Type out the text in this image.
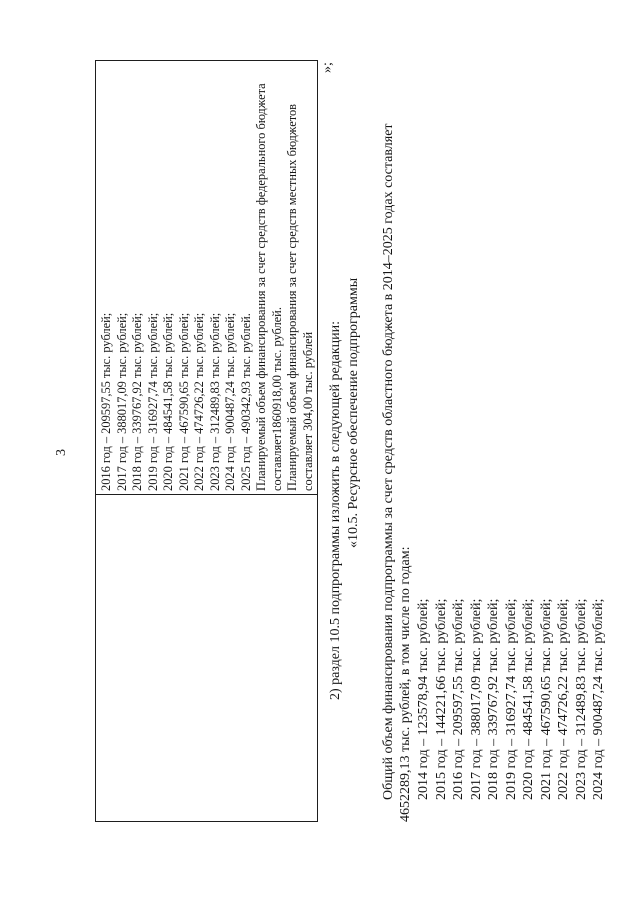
3 2016 год – 209597,55 тыс. рублей; 2017 год – 388017,09 тыс. рублей; 2018 год – 339767,92 тыс. рублей; 2019 год – 316927,74 тыс. рублей; 2020 год – 484541,58 тыс. рублей; 2021 год – 467590,65 тыс. рублей; 2022 год – 474726,22 тыс. рублей; 2023 год – 312489,83 тыс. рублей; 2024 год – 900487,24 тыс. рублей; 2025 год – 490342,93 тыс. рублей. Планируемый объем финансирования за счет средств федерального бюджета составляет1860918,00 тыс. рублей. Планируемый объем финансирования за счет средств местных бюджетов составляет 304,00 тыс. рублей
»;
2) раздел 10.5 подпрограммы изложить в следующей редакции: «10.5. Ресурсное обеспечение подпрограммы Общий объем финансирования подпрограммы за счет средств областного бюджета в 2014–2025 годах составляет 4652289,13 тыс. рублей, в том числе по годам: 2014 год – 123578,94 тыс. рублей; 2015 год – 144221,66 тыс. рублей; 2016 год – 209597,55 тыс. рублей; 2017 год – 388017,09 тыс. рублей; 2018 год – 339767,92 тыс. рублей; 2019 год – 316927,74 тыс. рублей; 2020 год – 484541,58 тыс. рублей; 2021 год – 467590,65 тыс. рублей; 2022 год – 474726,22 тыс. рублей; 2023 год – 312489,83 тыс. рублей; 2024 год – 900487,24 тыс. рублей;
